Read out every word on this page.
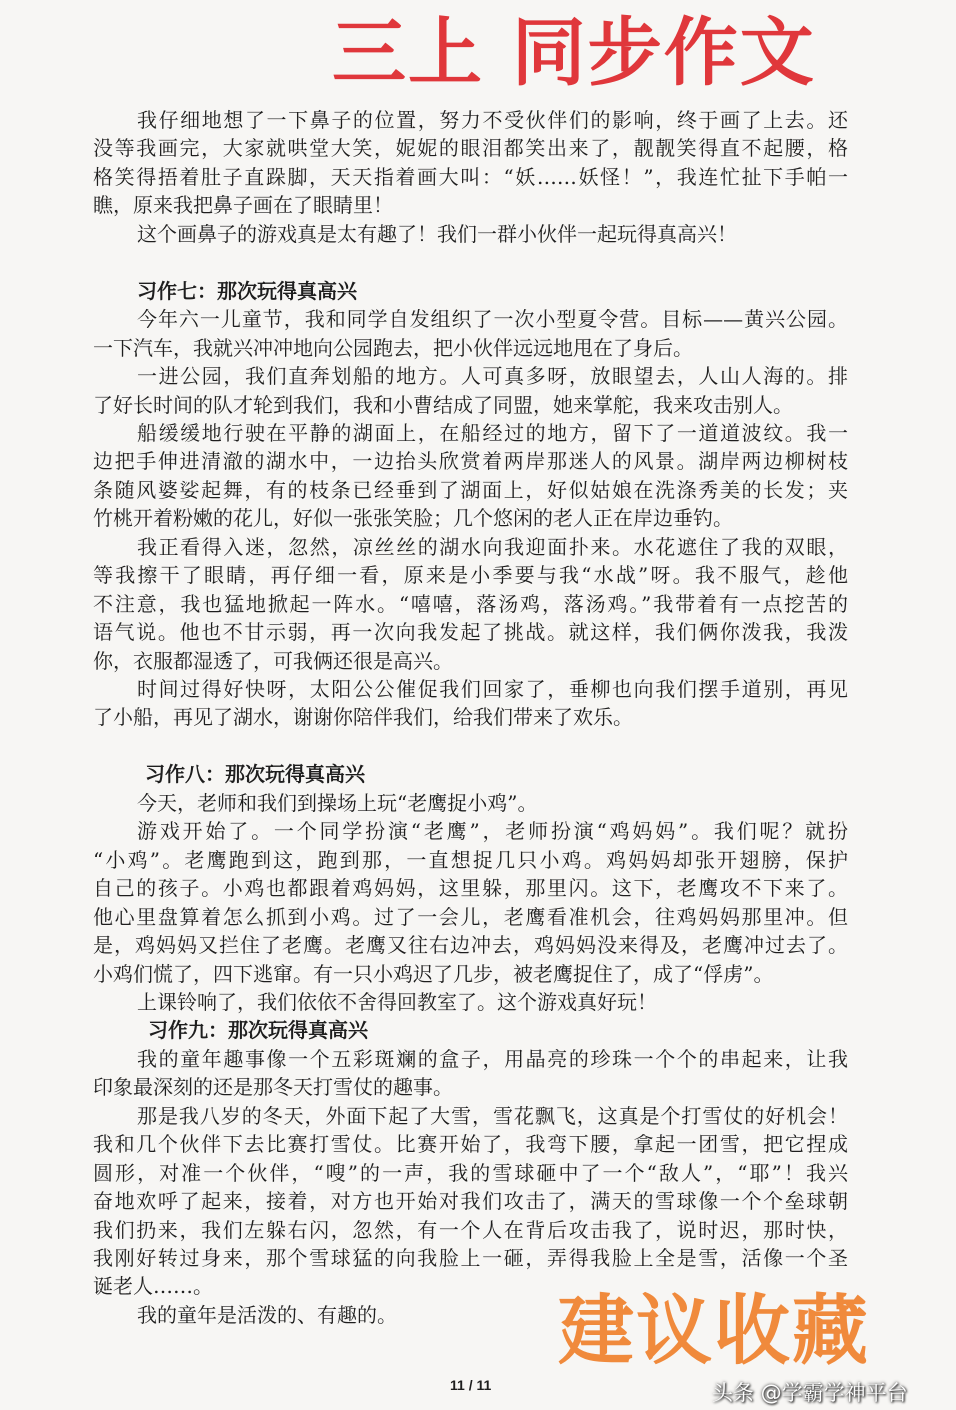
三上 同步作文
我仔细地想了一下鼻子的位置，努力不受伙伴们的影响，终于画了上去。还
没等我画完，大家就哄堂大笑，妮妮的眼泪都笑出来了，靓靓笑得直不起腰，格
格笑得捂着肚子直跺脚，天天指着画大叫：“妖……妖怪！”，我连忙扯下手帕一
瞧，原来我把鼻子画在了眼睛里！
这个画鼻子的游戏真是太有趣了！我们一群小伙伴一起玩得真高兴！
习作七：那次玩得真高兴
今年六一儿童节，我和同学自发组织了一次小型夏令营。目标——黄兴公园。
一下汽车，我就兴冲冲地向公园跑去，把小伙伴远远地甩在了身后。
一进公园，我们直奔划船的地方。人可真多呀，放眼望去，人山人海的。排
了好长时间的队才轮到我们，我和小曹结成了同盟，她来掌舵，我来攻击别人。
船缓缓地行驶在平静的湖面上，在船经过的地方，留下了一道道波纹。我一
边把手伸进清澈的湖水中，一边抬头欣赏着两岸那迷人的风景。湖岸两边柳树枝
条随风婆娑起舞，有的枝条已经垂到了湖面上，好似姑娘在洗涤秀美的长发；夹
竹桃开着粉嫩的花儿，好似一张张笑脸；几个悠闲的老人正在岸边垂钓。
我正看得入迷，忽然，凉丝丝的湖水向我迎面扑来。水花遮住了我的双眼，
等我擦干了眼睛，再仔细一看，原来是小季要与我“水战”呀。我不服气，趁他
不注意，我也猛地掀起一阵水。“嘻嘻，落汤鸡，落汤鸡。”我带着有一点挖苦的
语气说。他也不甘示弱，再一次向我发起了挑战。就这样，我们俩你泼我，我泼
你，衣服都湿透了，可我俩还很是高兴。
时间过得好快呀，太阳公公催促我们回家了，垂柳也向我们摆手道别，再见
了小船，再见了湖水，谢谢你陪伴我们，给我们带来了欢乐。
习作八：那次玩得真高兴
今天，老师和我们到操场上玩“老鹰捉小鸡”。
游戏开始了。一个同学扮演“老鹰”，老师扮演“鸡妈妈”。我们呢？就扮
“小鸡”。老鹰跑到这，跑到那，一直想捉几只小鸡。鸡妈妈却张开翅膀，保护
自己的孩子。小鸡也都跟着鸡妈妈，这里躲，那里闪。这下，老鹰攻不下来了。
他心里盘算着怎么抓到小鸡。过了一会儿，老鹰看准机会，往鸡妈妈那里冲。但
是，鸡妈妈又拦住了老鹰。老鹰又往右边冲去，鸡妈妈没来得及，老鹰冲过去了。
小鸡们慌了，四下逃窜。有一只小鸡迟了几步，被老鹰捉住了，成了“俘虏”。
上课铃响了，我们依依不舍得回教室了。这个游戏真好玩！
习作九：那次玩得真高兴
我的童年趣事像一个五彩斑斓的盒子，用晶亮的珍珠一个个的串起来，让我
印象最深刻的还是那冬天打雪仗的趣事。
那是我八岁的冬天，外面下起了大雪，雪花飘飞，这真是个打雪仗的好机会！
我和几个伙伴下去比赛打雪仗。比赛开始了，我弯下腰，拿起一团雪，把它捏成
圆形，对准一个伙伴，“嗖”的一声，我的雪球砸中了一个“敌人”，“耶”！我兴
奋地欢呼了起来，接着，对方也开始对我们攻击了，满天的雪球像一个个垒球朝
我们扔来，我们左躲右闪，忽然，有一个人在背后攻击我了，说时迟，那时快，
我刚好转过身来，那个雪球猛的向我脸上一砸，弄得我脸上全是雪，活像一个圣
诞老人……。
我的童年是活泼的、有趣的。
11 / 11
建议收藏
头条 @学霸学神平台
